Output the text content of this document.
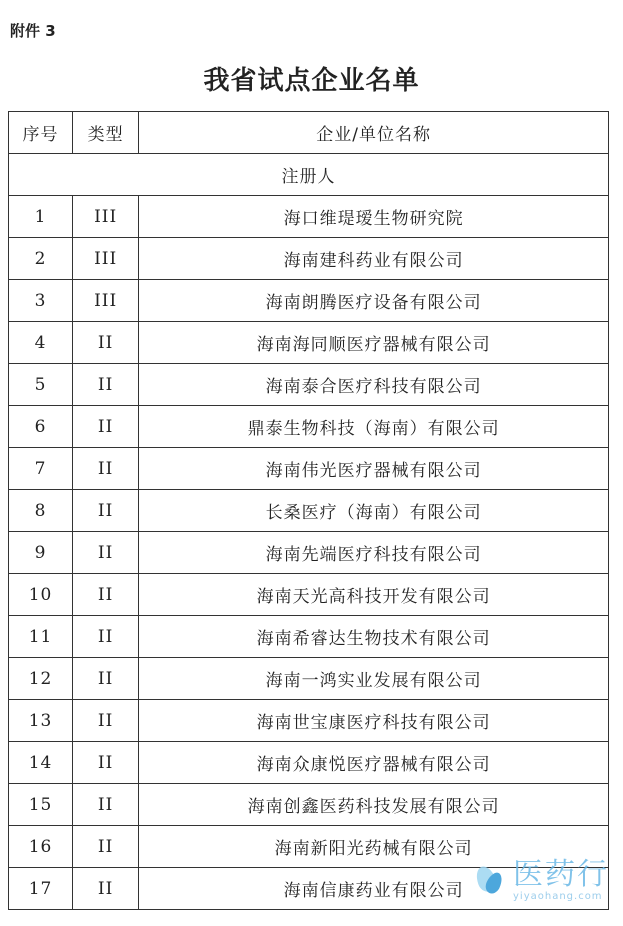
附件 3
我省试点企业名单
序号	类型	企业/单位名称
注册人		
1	III	海口维瑅瑷生物研究院
2	III	海南建科药业有限公司
3	III	海南朗腾医疗设备有限公司
4	II	海南海同顺医疗器械有限公司
5	II	海南泰合医疗科技有限公司
6	II	鼎泰生物科技（海南）有限公司
7	II	海南伟光医疗器械有限公司
8	II	长桑医疗（海南）有限公司
9	II	海南先端医疗科技有限公司
10	II	海南天光高科技开发有限公司
11	II	海南希睿达生物技术有限公司
12	II	海南一鸿实业发展有限公司
13	II	海南世宝康医疗科技有限公司
14	II	海南众康悦医疗器械有限公司
15	II	海南创鑫医药科技发展有限公司
16	II	海南新阳光药械有限公司
17	II	海南信康药业有限公司 医药行
yiyaohang.com
